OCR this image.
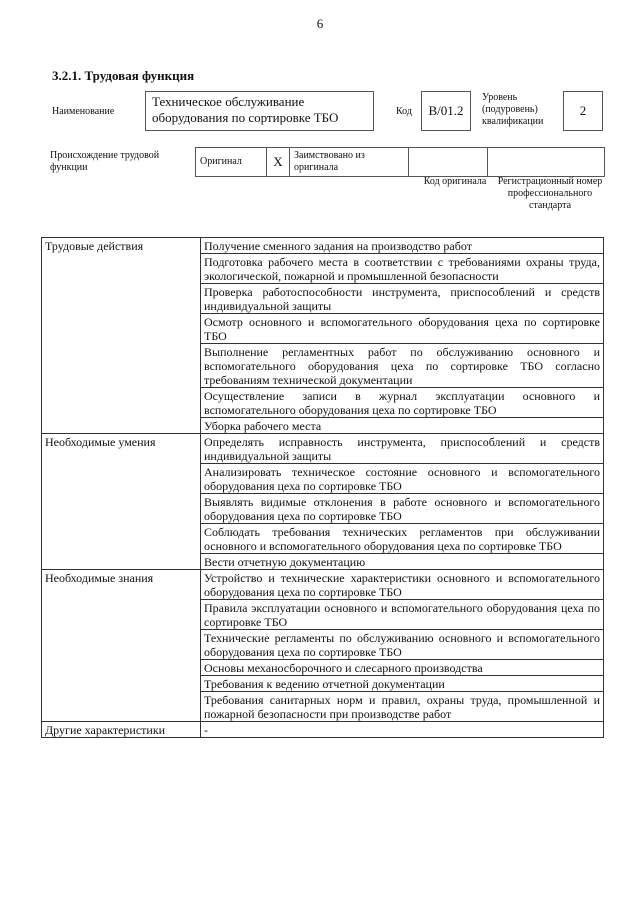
6
3.2.1. Трудовая функция
Наименование
Техническое обслуживание оборудования по сортировке ТБО	Код	B/01.2
Уровень (подуровень) квалификации
2
Происхождение трудовой функции
Оригинал	X	Заимствовано из оригинала		
Код оригинала	Регистрационный номер профессионального стандарта
Трудовые действия	Получение сменного задания на производство работ
	Подготовка рабочего места в соответствии с требованиями охраны труда, экологической, пожарной и промышленной безопасности
	Проверка работоспособности инструмента, приспособлений и средств индивидуальной защиты
	Осмотр основного и вспомогательного оборудования цеха по сортировке ТБО
	Выполнение регламентных работ по обслуживанию основного и вспомогательного оборудования цеха по сортировке ТБО согласно требованиям технической документации
	Осуществление записи в журнал эксплуатации основного и вспомогательного оборудования цеха по сортировке ТБО
	Уборка рабочего места
Необходимые умения	Определять исправность инструмента, приспособлений и средств индивидуальной защиты
	Анализировать техническое состояние основного и вспомогательного оборудования цеха по сортировке ТБО
	Выявлять видимые отклонения в работе основного и вспомогательного оборудования цеха по сортировке ТБО
	Соблюдать требования технических регламентов при обслуживании основного и вспомогательного оборудования цеха по сортировке ТБО
	Вести отчетную документацию
Необходимые знания	Устройство и технические характеристики основного и вспомогательного оборудования цеха по сортировке ТБО
	Правила эксплуатации основного и вспомогательного оборудования цеха по сортировке ТБО
	Технические регламенты по обслуживанию основного и вспомогательного оборудования цеха по сортировке ТБО
	Основы механосборочного и слесарного производства
	Требования к ведению отчетной документации
	Требования санитарных норм и правил, охраны труда, промышленной и пожарной безопасности при производстве работ
Другие характеристики	-
